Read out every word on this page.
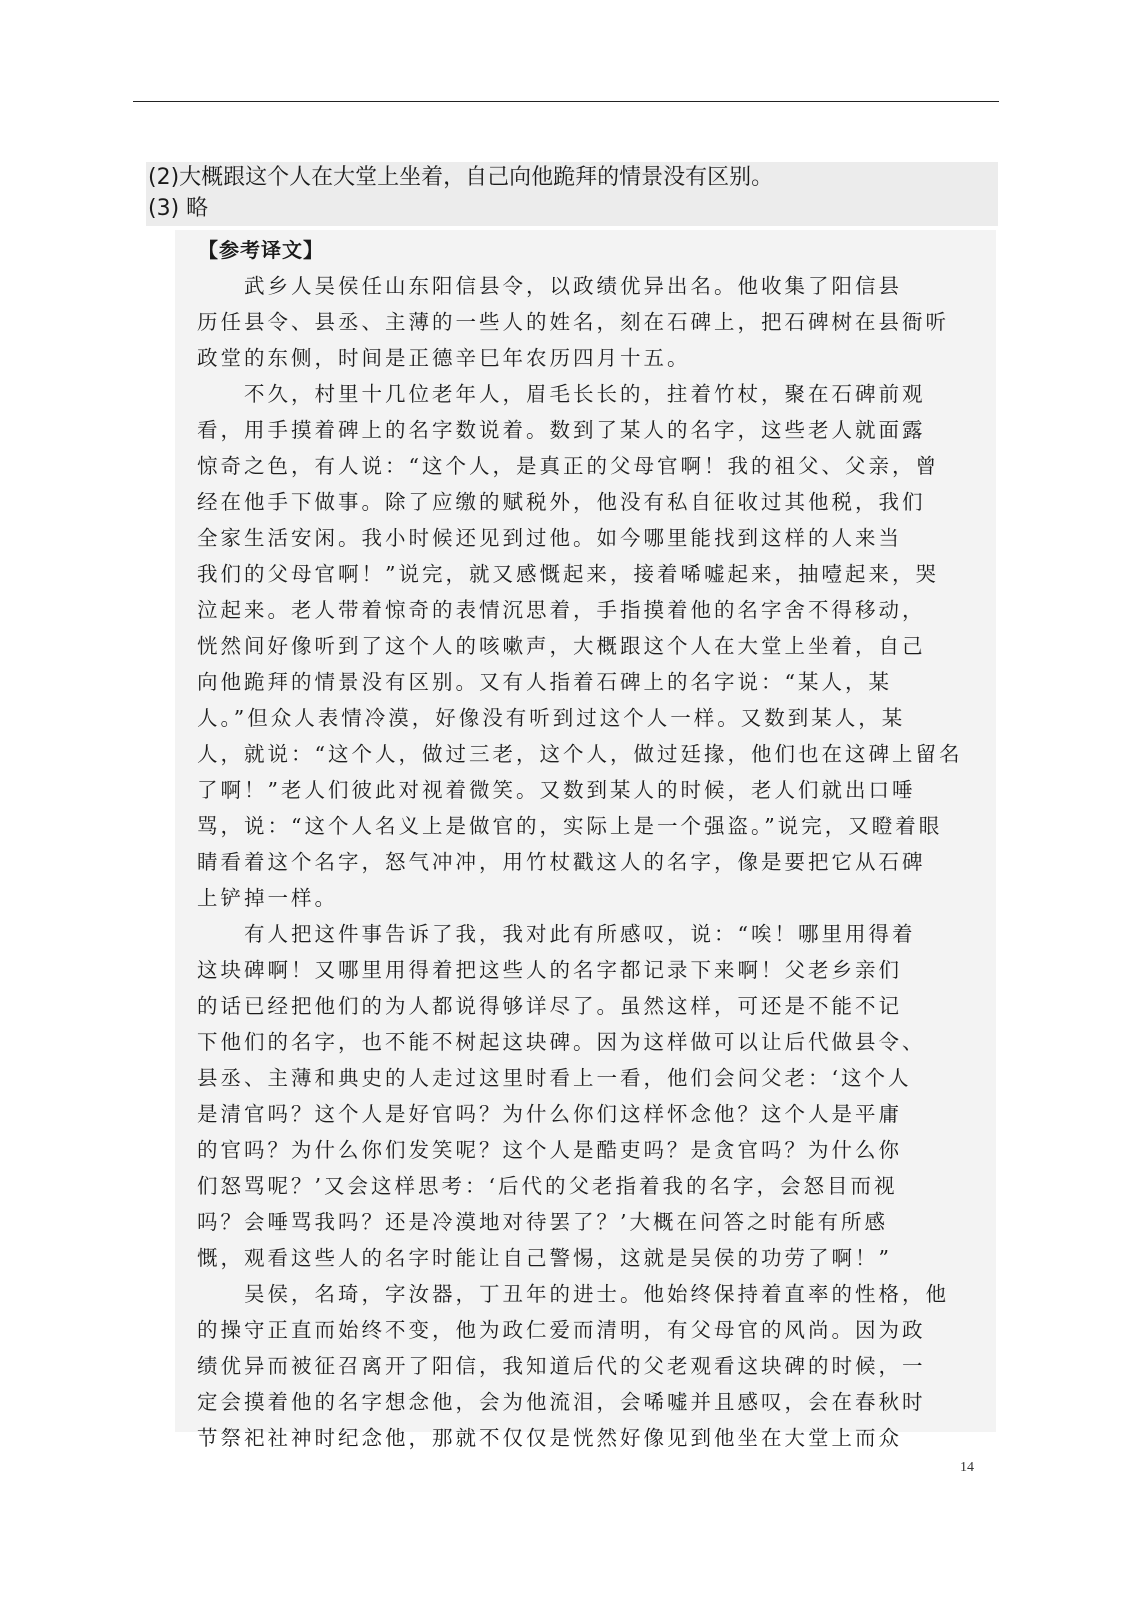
(2)大概跟这个人在大堂上坐着，自己向他跪拜的情景没有区别。
(3) 略
【参考译文】
　　武乡人吴侯任山东阳信县令，以政绩优异出名。他收集了阳信县
历任县令、县丞、主薄的一些人的姓名，刻在石碑上，把石碑树在县衙听
政堂的东侧，时间是正德辛巳年农历四月十五。
　　不久，村里十几位老年人，眉毛长长的，拄着竹杖，聚在石碑前观
看，用手摸着碑上的名字数说着。数到了某人的名字，这些老人就面露
惊奇之色，有人说：“这个人，是真正的父母官啊！我的祖父、父亲，曾
经在他手下做事。除了应缴的赋税外，他没有私自征收过其他税，我们
全家生活安闲。我小时候还见到过他。如今哪里能找到这样的人来当
我们的父母官啊！”说完，就又感慨起来，接着唏嘘起来，抽噎起来，哭
泣起来。老人带着惊奇的表情沉思着，手指摸着他的名字舍不得移动，
恍然间好像听到了这个人的咳嗽声，大概跟这个人在大堂上坐着，自己
向他跪拜的情景没有区别。又有人指着石碑上的名字说：“某人，某
人。”但众人表情冷漠，好像没有听到过这个人一样。又数到某人，某
人，就说：“这个人，做过三老，这个人，做过廷掾，他们也在这碑上留名
了啊！”老人们彼此对视着微笑。又数到某人的时候，老人们就出口唾
骂，说：“这个人名义上是做官的，实际上是一个强盗。”说完，又瞪着眼
睛看着这个名字，怒气冲冲，用竹杖戳这人的名字，像是要把它从石碑
上铲掉一样。
　　有人把这件事告诉了我，我对此有所感叹，说：“唉！哪里用得着
这块碑啊！又哪里用得着把这些人的名字都记录下来啊！父老乡亲们
的话已经把他们的为人都说得够详尽了。虽然这样，可还是不能不记
下他们的名字，也不能不树起这块碑。因为这样做可以让后代做县令、
县丞、主薄和典史的人走过这里时看上一看，他们会问父老：‘这个人
是清官吗？这个人是好官吗？为什么你们这样怀念他？这个人是平庸
的官吗？为什么你们发笑呢？这个人是酷吏吗？是贪官吗？为什么你
们怒骂呢？’又会这样思考：‘后代的父老指着我的名字，会怒目而视
吗？会唾骂我吗？还是冷漠地对待罢了？’大概在问答之时能有所感
慨，观看这些人的名字时能让自己警惕，这就是吴侯的功劳了啊！”
　　吴侯，名琦，字汝器，丁丑年的进士。他始终保持着直率的性格，他
的操守正直而始终不变，他为政仁爱而清明，有父母官的风尚。因为政
绩优异而被征召离开了阳信，我知道后代的父老观看这块碑的时候，一
定会摸着他的名字想念他，会为他流泪，会唏嘘并且感叹，会在春秋时
节祭祀社神时纪念他，那就不仅仅是恍然好像见到他坐在大堂上而众
14
